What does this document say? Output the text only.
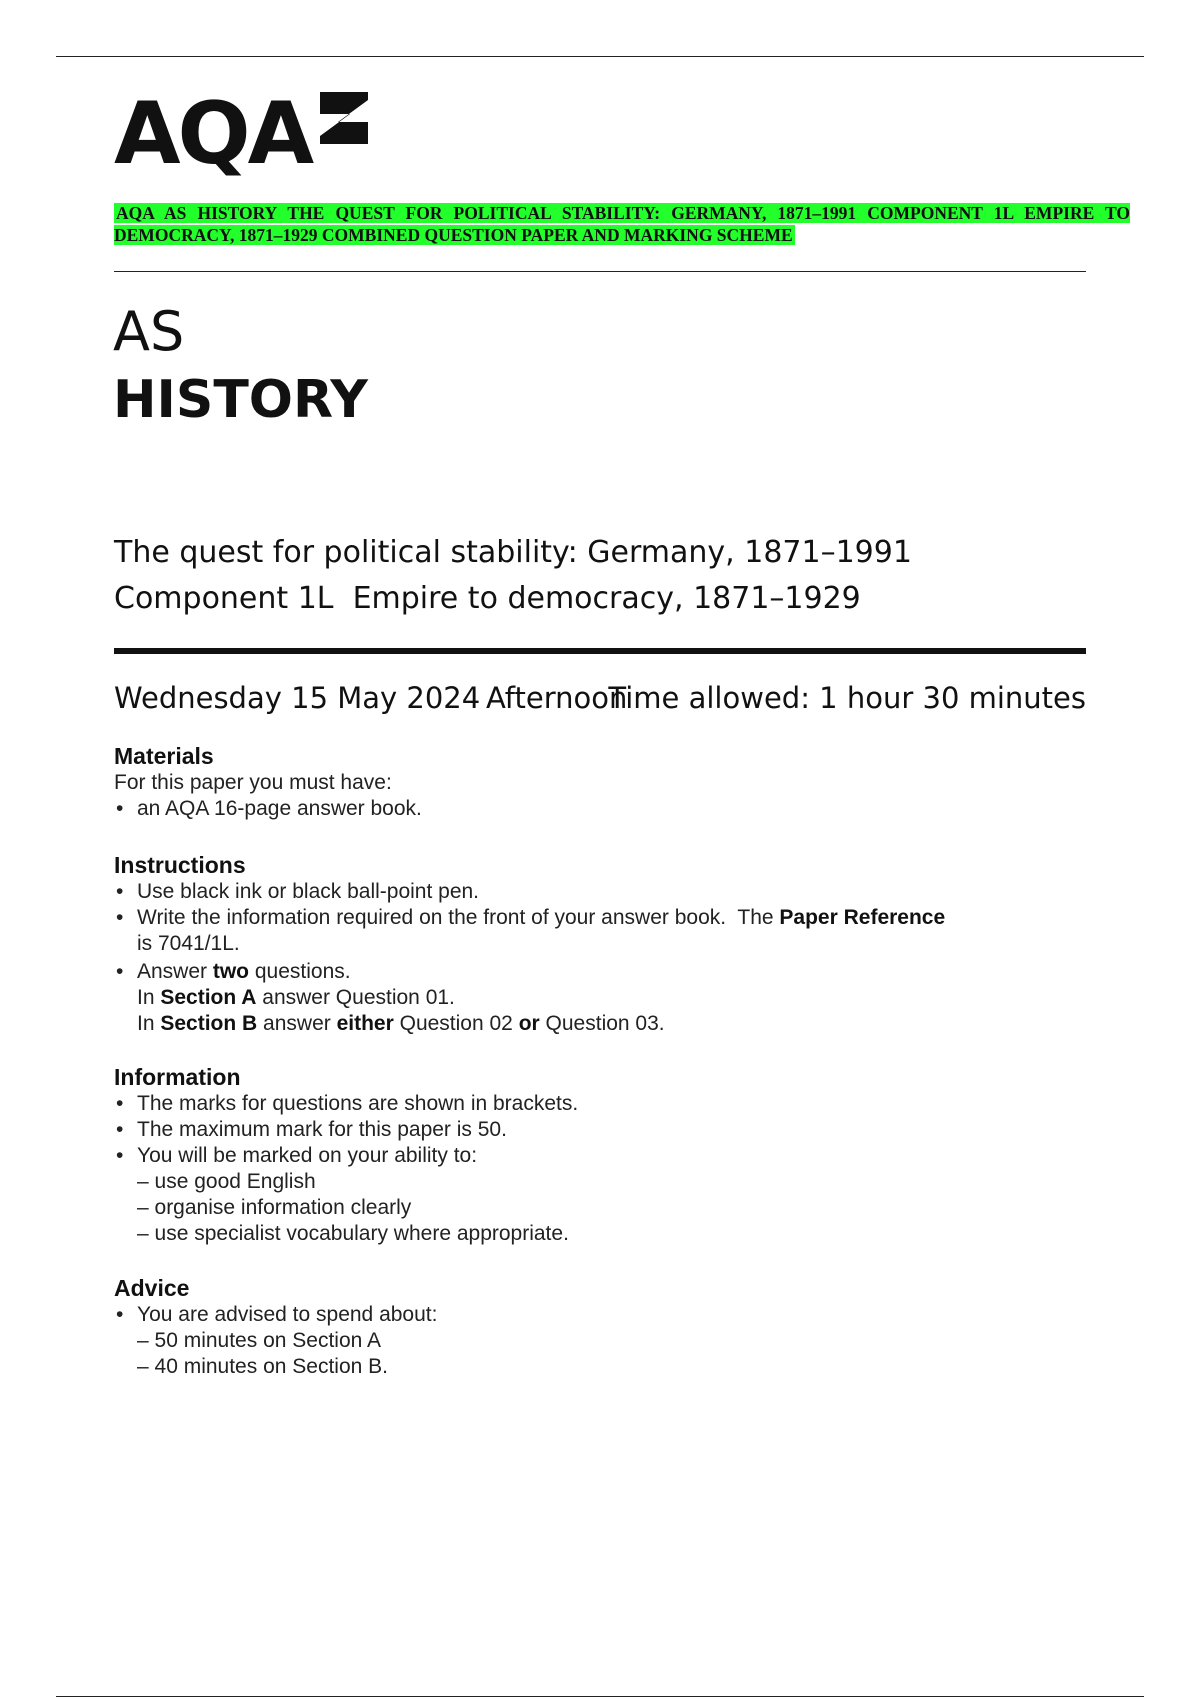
AQA
AQA AS HISTORY THE QUEST FOR POLITICAL STABILITY: GERMANY, 1871–1991 COMPONENT 1L EMPIRE TO DEMOCRACY, 1871–1929 COMBINED QUESTION PAPER AND MARKING SCHEME
AS
HISTORY
The quest for political stability: Germany, 1871–1991
Component 1L  Empire to democracy, 1871–1929
Wednesday 15 May 2024 Afternoon
Time allowed: 1 hour 30 minutes
Materials

For this paper you must have:

• an AQA 16-page answer book.
Instructions
• Use black ink or black ball-point pen.
• Write the information required on the front of your answer book.  The Paper Reference is 7041/1L.
• Answer two questions.
In Section A answer Question 01.
In Section B answer either Question 02 or Question 03.
Information
• The marks for questions are shown in brackets.
• The maximum mark for this paper is 50.
• You will be marked on your ability to:
– use good English
– organise information clearly
– use specialist vocabulary where appropriate.
Advice
• You are advised to spend about:
– 50 minutes on Section A
– 40 minutes on Section B.
